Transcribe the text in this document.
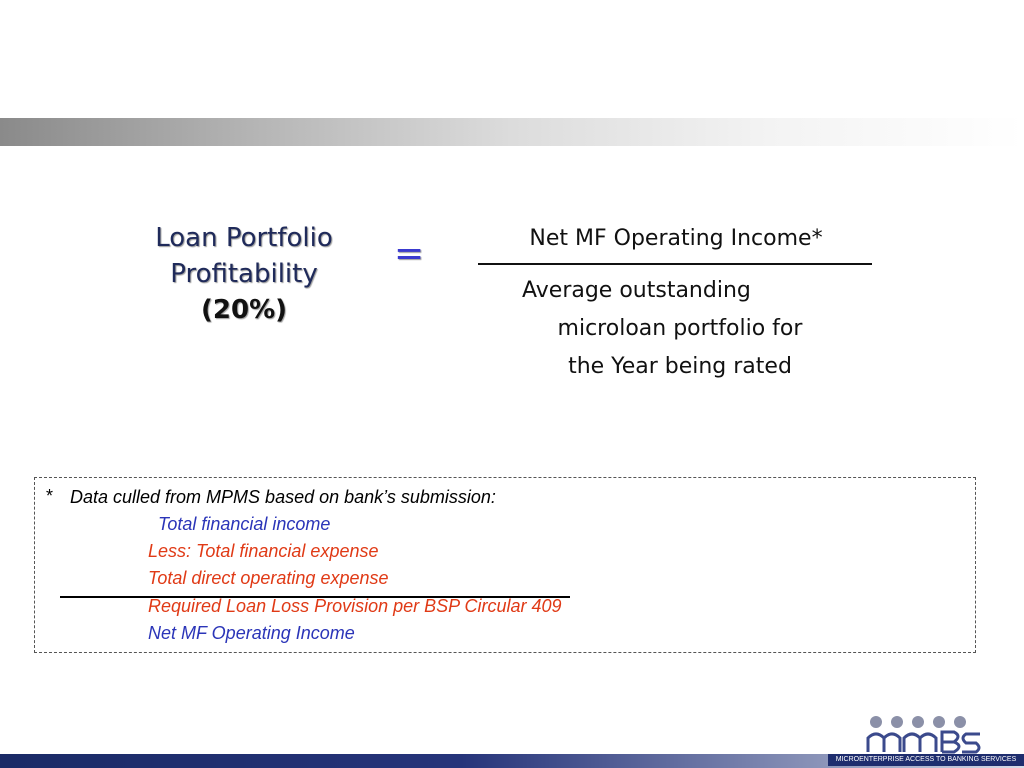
Loan Portfolio
Profitability
(20%)
=	Net MF Operating Income*
Average outstanding
microloan portfolio for
the Year being rated
* Data culled from MPMS based on bank’s submission:
Total financial income
Less: Total financial expense
Total direct operating expense
Required Loan Loss Provision per BSP Circular 409
Net MF Operating Income
MABS
MICROENTERPRISE ACCESS TO BANKING SERVICES
